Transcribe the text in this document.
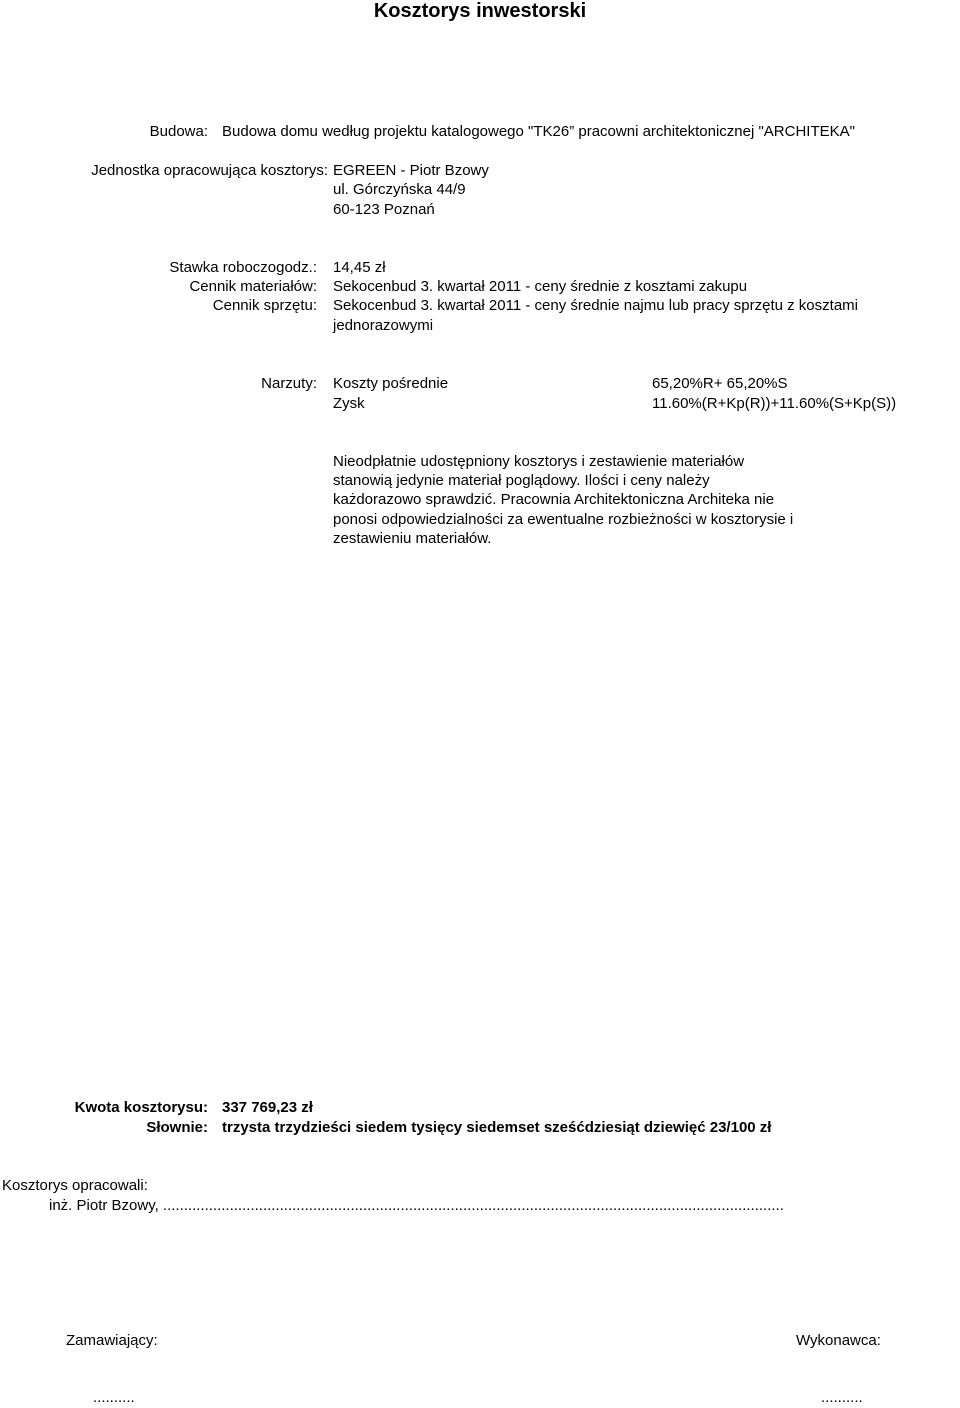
Kosztorys inwestorski
Budowa: Budowa domu według projektu katalogowego "TK26” pracowni architektonicznej "ARCHITEKA"
Jednostka opracowująca kosztorys: EGREEN - Piotr Bzowy
ul. Górczyńska 44/9
60-123 Poznań
Stawka roboczogodz.: 14,45 zł
Cennik materiałów: Sekocenbud 3. kwartał 2011 - ceny średnie z kosztami zakupu
Cennik sprzętu: Sekocenbud 3. kwartał 2011 - ceny średnie najmu lub pracy sprzętu z kosztami
jednorazowymi
Narzuty: Koszty pośrednie	65,20%R+ 65,20%S
Zysk	11.60%(R+Kp(R))+11.60%(S+Kp(S))
Nieodpłatnie udostępniony kosztorys i zestawienie materiałów
stanowią jedynie materiał poglądowy. Ilości i ceny należy
każdorazowo sprawdzić. Pracownia Architektoniczna Architeka nie
ponosi odpowiedzialności za ewentualne rozbieżności w kosztorysie i
zestawieniu materiałów.
Kwota kosztorysu: 337 769,23 zł
Słownie: trzysta trzydzieści siedem tysięcy siedemset sześćdziesiąt dziewięć 23/100 zł
Kosztorys opracowali:
inż. Piotr Bzowy, .....................................................................................................................................................
Zamawiający:
..........
Wykonawca:
..........
